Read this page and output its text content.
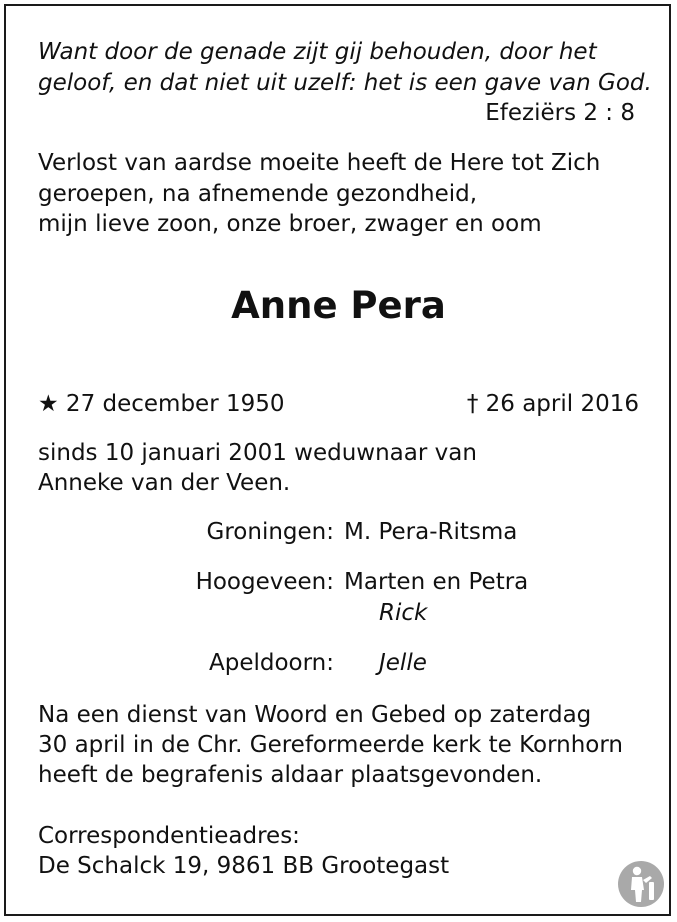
Want door de genade zijt gij behouden, door het
geloof, en dat niet uit uzelf: het is een gave van God.
Efeziërs 2 : 8
Verlost van aardse moeite heeft de Here tot Zich
geroepen, na afnemende gezondheid,
mijn lieve zoon, onze broer, zwager en oom
Anne Pera
★ 27 december 1950	† 26 april 2016
sinds 10 januari 2001 weduwnaar van
Anneke van der Veen.
Groningen: M. Pera-Ritsma
Hoogeveen: Marten en Petra
Rick
Apeldoorn: Jelle
Na een dienst van Woord en Gebed op zaterdag
30 april in de Chr. Gereformeerde kerk te Kornhorn
heeft de begrafenis aldaar plaatsgevonden.
Correspondentieadres:
De Schalck 19, 9861 BB Grootegast
